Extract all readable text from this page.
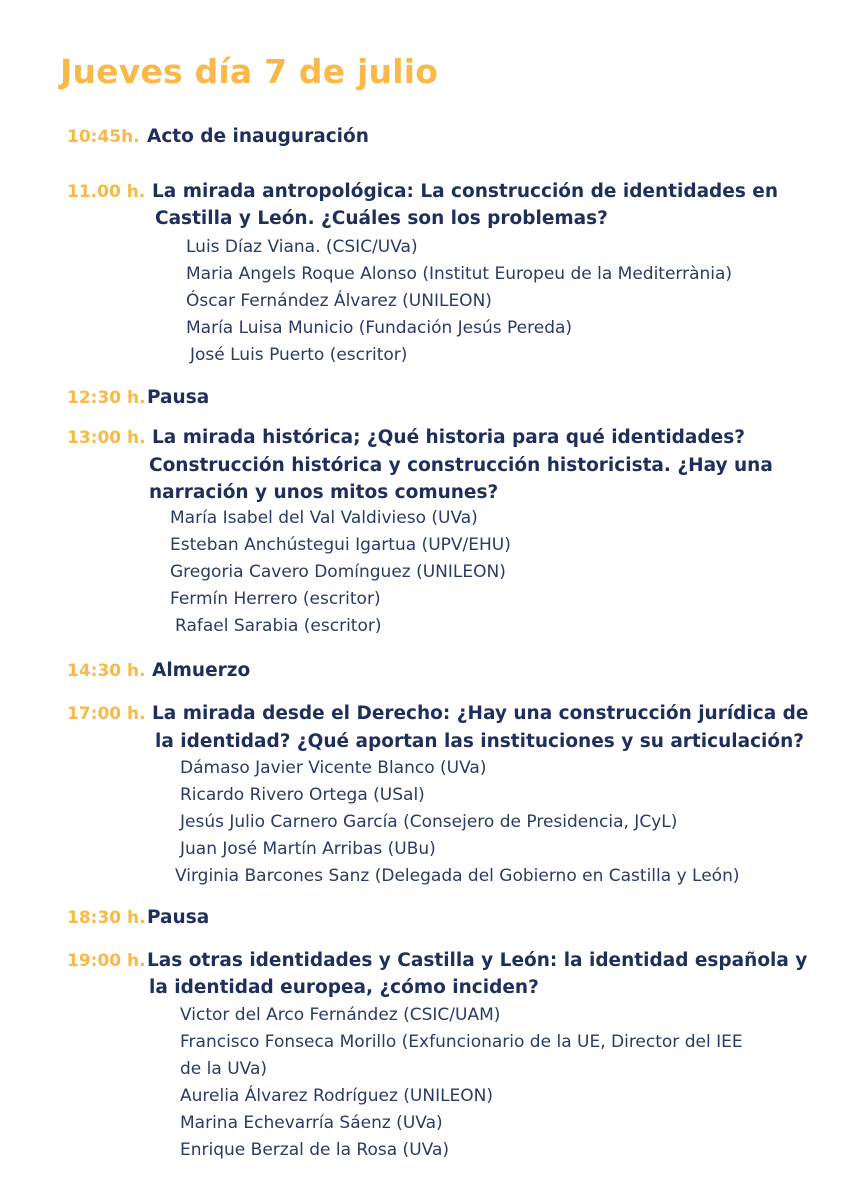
Jueves día 7 de julio
10:45h. Acto de inauguración
11.00 h. La mirada antropológica: La construcción de identidades en
Castilla y León. ¿Cuáles son los problemas?
Luis Díaz Viana. (CSIC/UVa)
Maria Angels Roque Alonso (Institut Europeu de la Mediterrània)
Óscar Fernández Álvarez (UNILEON)
María Luisa Municio (Fundación Jesús Pereda)
José Luis Puerto (escritor)
12:30 h. Pausa
13:00 h. La mirada histórica; ¿Qué historia para qué identidades?
Construcción histórica y construcción historicista. ¿Hay una
narración y unos mitos comunes?
María Isabel del Val Valdivieso (UVa)
Esteban Anchústegui Igartua (UPV/EHU)
Gregoria Cavero Domínguez (UNILEON)
Fermín Herrero (escritor)
Rafael Sarabia (escritor)
14:30 h. Almuerzo
17:00 h. La mirada desde el Derecho: ¿Hay una construcción jurídica de
la identidad? ¿Qué aportan las instituciones y su articulación?
Dámaso Javier Vicente Blanco (UVa)
Ricardo Rivero Ortega (USal)
Jesús Julio Carnero García (Consejero de Presidencia, JCyL)
Juan José Martín Arribas (UBu)
Virginia Barcones Sanz (Delegada del Gobierno en Castilla y León)
18:30 h. Pausa
19:00 h. Las otras identidades y Castilla y León: la identidad española y
la identidad europea, ¿cómo inciden?
Victor del Arco Fernández (CSIC/UAM)
Francisco Fonseca Morillo (Exfuncionario de la UE, Director del IEE
de la UVa)
Aurelia Álvarez Rodríguez (UNILEON)
Marina Echevarría Sáenz (UVa)
Enrique Berzal de la Rosa (UVa)
